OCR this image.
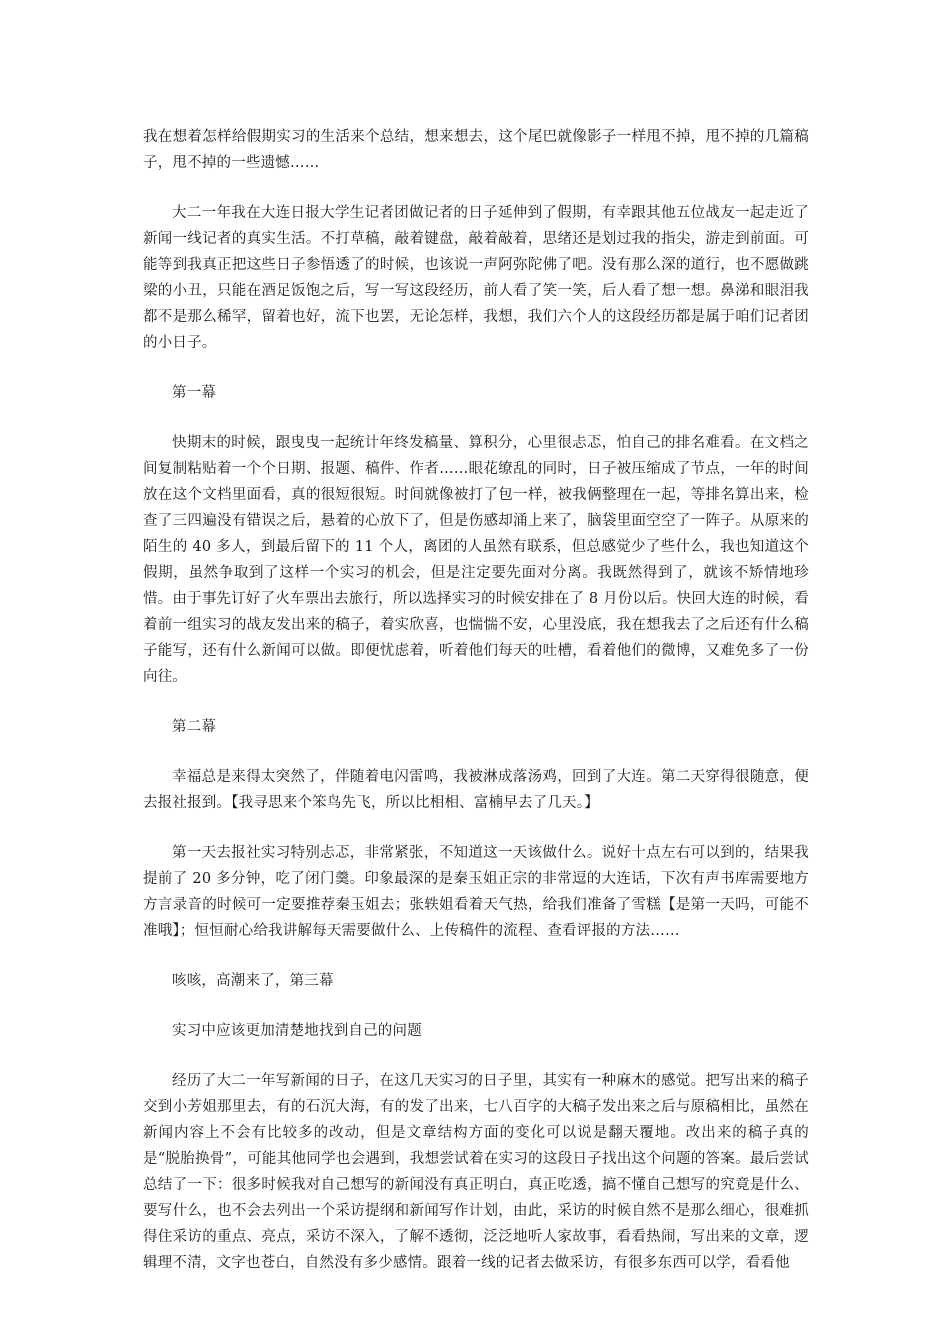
我在想着怎样给假期实习的生活来个总结，想来想去，这个尾巴就像影子一样甩不掉，甩不掉的几篇稿子，甩不掉的一些遗憾……

大二一年我在大连日报大学生记者团做记者的日子延伸到了假期，有幸跟其他五位战友一起走近了新闻一线记者的真实生活。不打草稿，敲着键盘，敲着敲着，思绪还是划过我的指尖，游走到前面。可能等到我真正把这些日子参悟透了的时候，也该说一声阿弥陀佛了吧。没有那么深的道行，也不愿做跳梁的小丑，只能在酒足饭饱之后，写一写这段经历，前人看了笑一笑，后人看了想一想。鼻涕和眼泪我都不是那么稀罕，留着也好，流下也罢，无论怎样，我想，我们六个人的这段经历都是属于咱们记者团的小日子。

第一幕

快期末的时候，跟曳曳一起统计年终发稿量、算积分，心里很忐忑，怕自己的排名难看。在文档之间复制粘贴着一个个日期、报题、稿件、作者……眼花缭乱的同时，日子被压缩成了节点，一年的时间放在这个文档里面看，真的很短很短。时间就像被打了包一样，被我俩整理在一起，等排名算出来，检查了三四遍没有错误之后，悬着的心放下了，但是伤感却涌上来了，脑袋里面空空了一阵子。从原来的陌生的 40 多人，到最后留下的 11 个人，离团的人虽然有联系，但总感觉少了些什么，我也知道这个假期，虽然争取到了这样一个实习的机会，但是注定要先面对分离。我既然得到了，就该不矫情地珍惜。由于事先订好了火车票出去旅行，所以选择实习的时候安排在了 8 月份以后。快回大连的时候，看着前一组实习的战友发出来的稿子，着实欣喜，也惴惴不安，心里没底，我在想我去了之后还有什么稿子能写，还有什么新闻可以做。即便忧虑着，听着他们每天的吐槽，看着他们的微博，又难免多了一份向往。

第二幕

幸福总是来得太突然了，伴随着电闪雷鸣，我被淋成落汤鸡，回到了大连。第二天穿得很随意，便去报社报到。【我寻思来个笨鸟先飞，所以比相相、富楠早去了几天。】

第一天去报社实习特别忐忑，非常紧张，不知道这一天该做什么。说好十点左右可以到的，结果我提前了 20 多分钟，吃了闭门羹。印象最深的是秦玉姐正宗的非常逗的大连话，下次有声书库需要地方方言录音的时候可一定要推荐秦玉姐去；张轶姐看着天气热，给我们准备了雪糕【是第一天吗，可能不准哦】；恒恒耐心给我讲解每天需要做什么、上传稿件的流程、查看评报的方法……

咳咳，高潮来了，第三幕

实习中应该更加清楚地找到自己的问题

经历了大二一年写新闻的日子，在这几天实习的日子里，其实有一种麻木的感觉。把写出来的稿子交到小芳姐那里去，有的石沉大海，有的发了出来，七八百字的大稿子发出来之后与原稿相比，虽然在新闻内容上不会有比较多的改动，但是文章结构方面的变化可以说是翻天覆地。改出来的稿子真的是“脱胎换骨”，可能其他同学也会遇到，我想尝试着在实习的这段日子找出这个问题的答案。最后尝试总结了一下：很多时候我对自己想写的新闻没有真正明白，真正吃透，搞不懂自己想写的究竟是什么、要写什么，也不会去列出一个采访提纲和新闻写作计划，由此，采访的时候自然不是那么细心，很难抓得住采访的重点、亮点，采访不深入，了解不透彻，泛泛地听人家故事，看看热闹，写出来的文章，逻辑理不清，文字也苍白，自然没有多少感情。跟着一线的记者去做采访，有很多东西可以学，看看他
